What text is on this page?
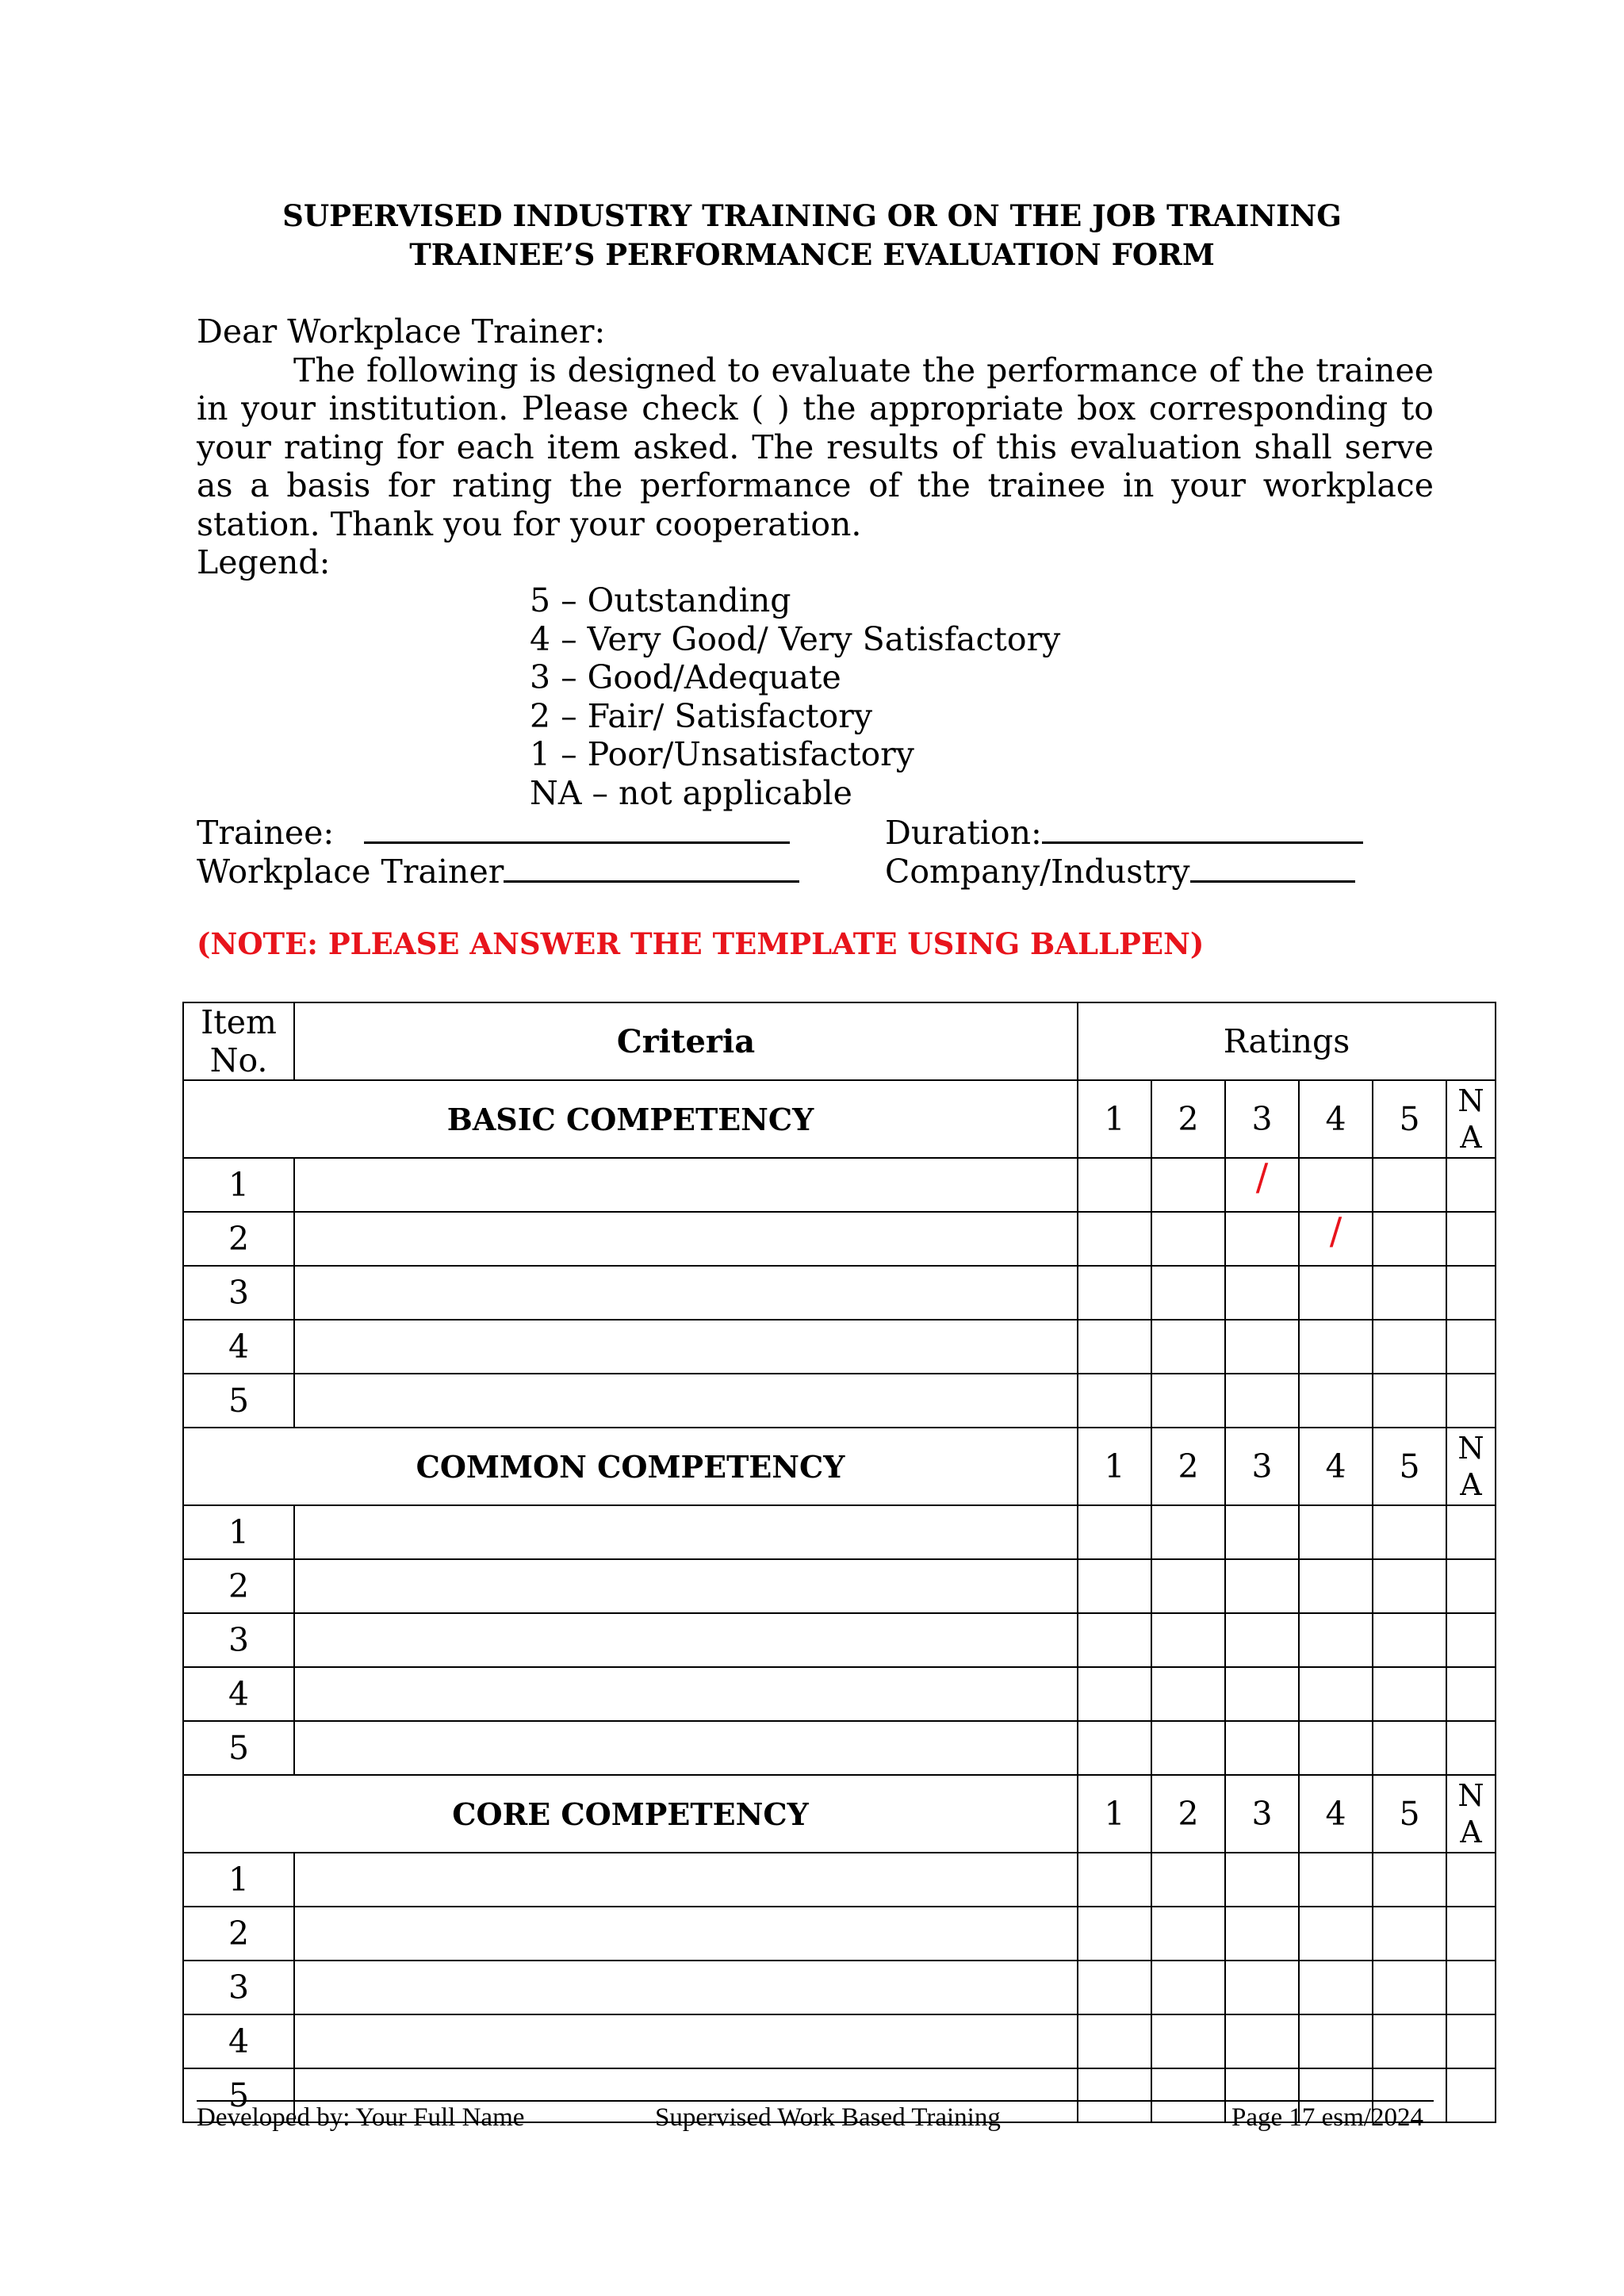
SUPERVISED INDUSTRY TRAINING OR ON THE JOB TRAINING
TRAINEE’S PERFORMANCE EVALUATION FORM
Dear Workplace Trainer:

The following is designed to evaluate the performance of the trainee in your institution. Please check ( ) the appropriate box corresponding to your rating for each item asked. The results of this evaluation shall serve as a basis for rating the performance of the trainee in your workplace station. Thank you for your cooperation.

Legend:
5 – Outstanding
4 – Very Good/ Very Satisfactory
3 – Good/Adequate
2 – Fair/ Satisfactory
1 – Poor/Unsatisfactory
NA – not applicable
Trainee:	Duration:
Workplace Trainer	Company/Industry
(NOTE: PLEASE ANSWER THE TEMPLATE USING BALLPEN)
Item No.	Criteria	Ratings					
BASIC COMPETENCY		1	2	3	4	5	N
A

1				/			
2					/		
3							
4							
5							
COMMON COMPETENCY		1	2	3	4	5	N
A

1							
2							
3							
4							
5							
CORE COMPETENCY		1	2	3	4	5	N
A

1							
2							
3							
4							
5							
Developed by: Your Full Name	Supervised Work Based Training	Page 17 esm/2024
